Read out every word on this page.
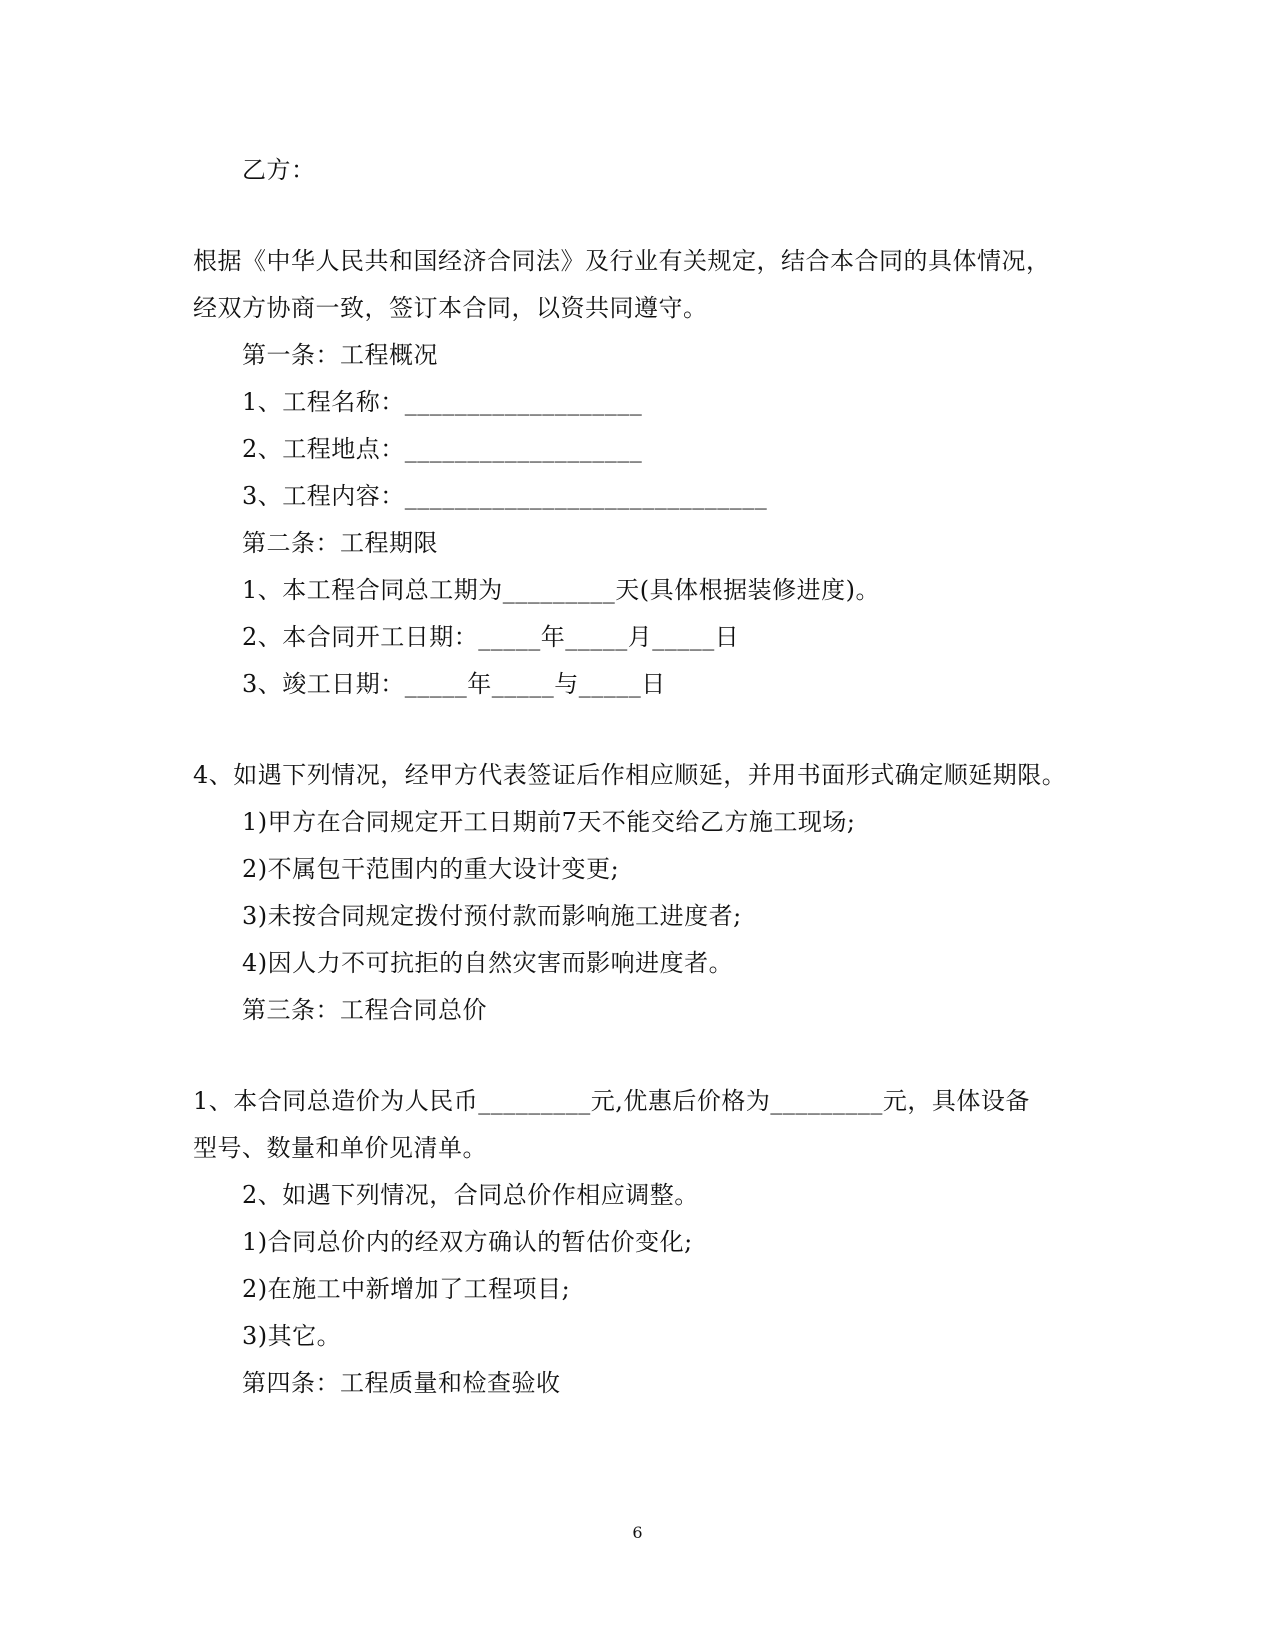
乙方：
根据《中华人民共和国经济合同法》及行业有关规定，结合本合同的具体情况，
经双方协商一致，签订本合同，以资共同遵守。
第一条：工程概况
1、工程名称：___________________
2、工程地点：___________________
3、工程内容：_____________________________
第二条：工程期限
1、本工程合同总工期为_________天(具体根据装修进度)。
2、本合同开工日期：_____年_____月_____日
3、竣工日期：_____年_____与_____日
4、如遇下列情况，经甲方代表签证后作相应顺延，并用书面形式确定顺延期限。
1)甲方在合同规定开工日期前7天不能交给乙方施工现场;
2)不属包干范围内的重大设计变更;
3)未按合同规定拨付预付款而影响施工进度者;
4)因人力不可抗拒的自然灾害而影响进度者。
第三条：工程合同总价
1、本合同总造价为人民币_________元,优惠后价格为_________元，具体设备
型号、数量和单价见清单。
2、如遇下列情况，合同总价作相应调整。
1)合同总价内的经双方确认的暂估价变化;
2)在施工中新增加了工程项目;
3)其它。
第四条：工程质量和检查验收
6
